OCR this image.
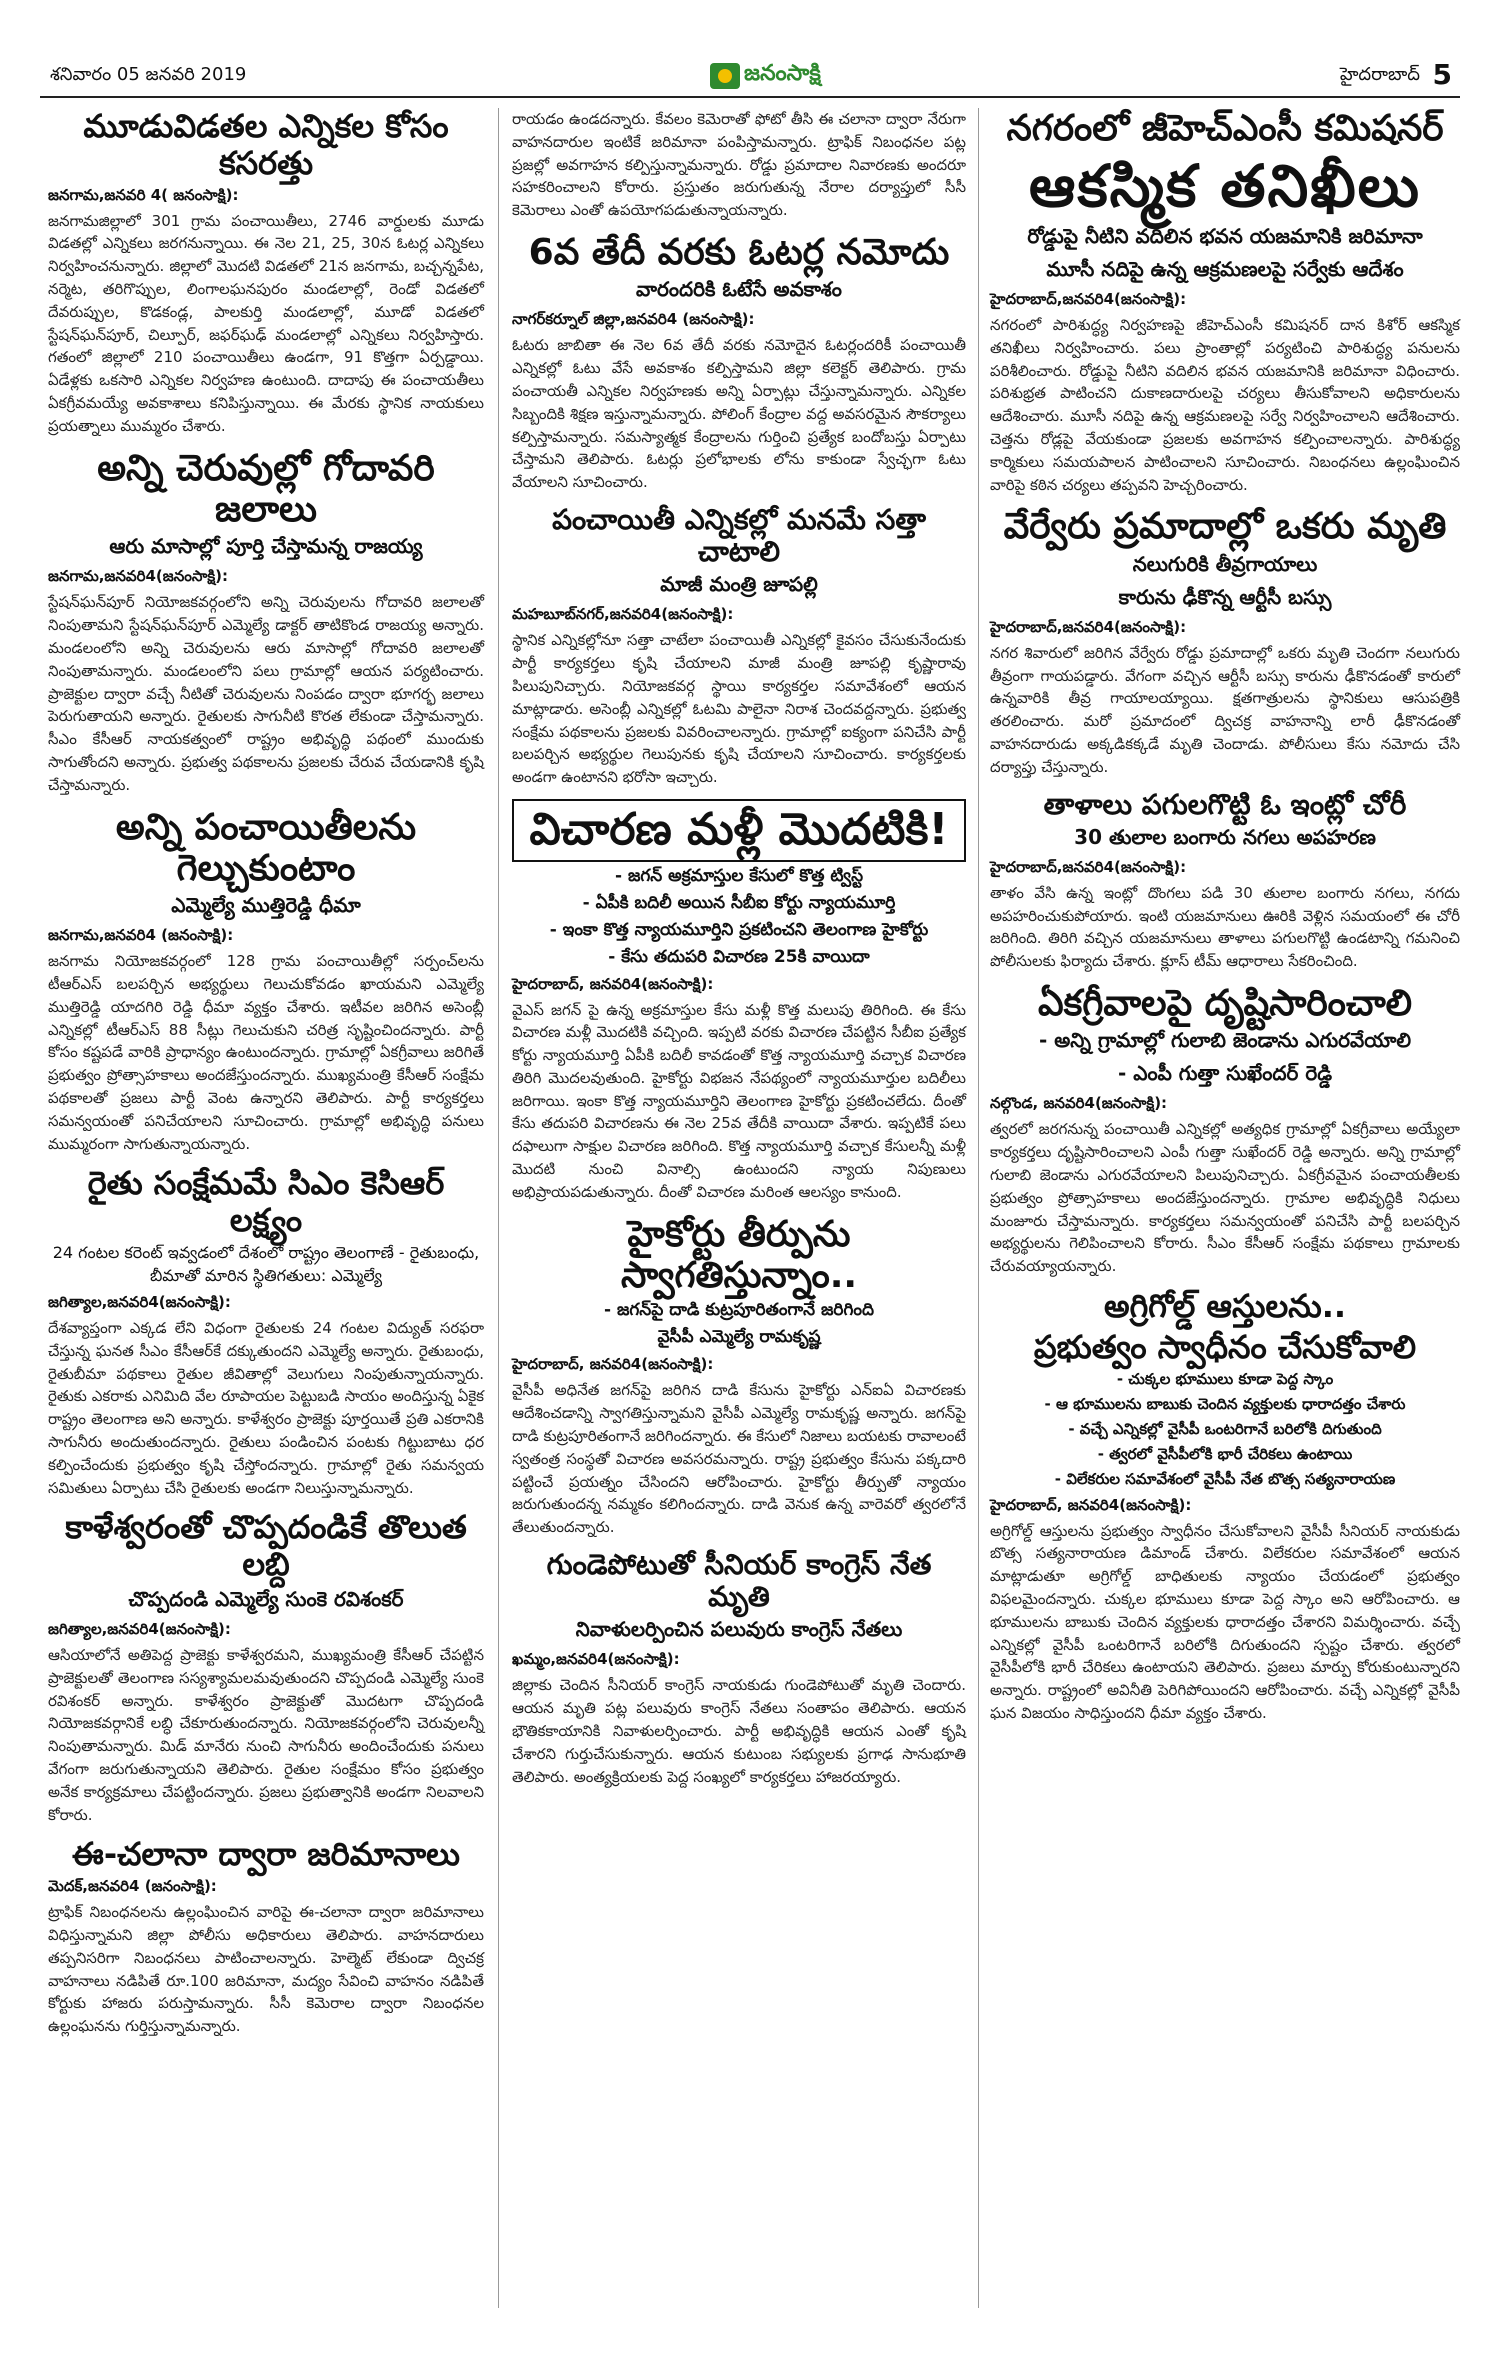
శనివారం 05 జనవరి 2019	జనంసాక్షి	హైదరాబాద్ 5
మూడువిడతల ఎన్నికల కోసం కసరత్తు
జనగామ,జనవరి 4( జనంసాక్షి):
జనగామజిల్లాలో 301 గ్రామ పంచాయితీలు, 2746 వార్డులకు మూడు విడతల్లో ఎన్నికలు జరగనున్నాయి. ఈ నెల 21, 25, 30న ఓటర్ల ఎన్నికలు నిర్వహించనున్నారు. జిల్లాలో మొదటి విడతలో 21న జనగామ, బచ్చన్నపేట, నర్మెట, తరిగొప్పుల, లింగాలఘనపురం మండలాల్లో, రెండో విడతలో దేవరుప్పుల, కొడకండ్ల, పాలకుర్తి మండలాల్లో, మూడో విడతలో స్టేషన్‌ఘన్‌పూర్, చిల్పూర్, జఫర్‌ఘఢ్ మండలాల్లో ఎన్నికలు నిర్వహిస్తారు. గతంలో జిల్లాలో 210 పంచాయితీలు ఉండగా, 91 కొత్తగా ఏర్పడ్డాయి. ఏడేళ్లకు ఒకసారి ఎన్నికల నిర్వహణ ఉంటుంది. దాదాపు ఈ పంచాయతీలు ఏకగ్రీవమయ్యే అవకాశాలు కనిపిస్తున్నాయి. ఈ మేరకు స్థానిక నాయకులు ప్రయత్నాలు ముమ్మరం చేశారు.
అన్ని చెరువుల్లో గోదావరి జలాలు
ఆరు మాసాల్లో పూర్తి చేస్తామన్న రాజయ్య
జనగామ,జనవరి4(జనంసాక్షి):
స్టేషన్‌ఘన్‌పూర్ నియోజకవర్గంలోని అన్ని చెరువులను గోదావరి జలాలతో నింపుతామని స్టేషన్‌ఘన్‌పూర్ ఎమ్మెల్యే డాక్టర్ తాటికొండ రాజయ్య అన్నారు. మండలంలోని అన్ని చెరువులను ఆరు మాసాల్లో గోదావరి జలాలతో నింపుతామన్నారు. మండలంలోని పలు గ్రామాల్లో ఆయన పర్యటించారు. ప్రాజెక్టుల ద్వారా వచ్చే నీటితో చెరువులను నింపడం ద్వారా భూగర్భ జలాలు పెరుగుతాయని అన్నారు. రైతులకు సాగునీటి కొరత లేకుండా చేస్తామన్నారు. సీఎం కేసీఆర్ నాయకత్వంలో రాష్ట్రం అభివృద్ధి పథంలో ముందుకు సాగుతోందని అన్నారు. ప్రభుత్వ పథకాలను ప్రజలకు చేరువ చేయడానికి కృషి చేస్తామన్నారు.
అన్ని పంచాయితీలను గెల్చుకుంటాం
ఎమ్మెల్యే ముత్తిరెడ్డి ధీమా
జనగామ,జనవరి4 (జనంసాక్షి):
జనగామ నియోజకవర్గంలో 128 గ్రామ పంచాయితీల్లో సర్పంచ్‌లను టీఆర్ఎస్ బలపర్చిన అభ్యర్థులు గెలుచుకోవడం ఖాయమని ఎమ్మెల్యే ముత్తిరెడ్డి యాదగిరి రెడ్డి ధీమా వ్యక్తం చేశారు. ఇటీవల జరిగిన అసెంబ్లీ ఎన్నికల్లో టీఆర్ఎస్ 88 సీట్లు గెలుచుకుని చరిత్ర సృష్టించిందన్నారు. పార్టీ కోసం కష్టపడే వారికి ప్రాధాన్యం ఉంటుందన్నారు. గ్రామాల్లో ఏకగ్రీవాలు జరిగితే ప్రభుత్వం ప్రోత్సాహకాలు అందజేస్తుందన్నారు. ముఖ్యమంత్రి కేసీఆర్ సంక్షేమ పథకాలతో ప్రజలు పార్టీ వెంట ఉన్నారని తెలిపారు. పార్టీ కార్యకర్తలు సమన్వయంతో పనిచేయాలని సూచించారు. గ్రామాల్లో అభివృద్ధి పనులు ముమ్మరంగా సాగుతున్నాయన్నారు.
రైతు సంక్షేమమే సిఎం కెసిఆర్ లక్ష్యం
24 గంటల కరెంట్ ఇవ్వడంలో దేశంలో రాష్ట్రం తెలంగాణే - రైతుబంధు, బీమాతో మారిన స్థితిగతులు: ఎమ్మెల్యే
జగిత్యాల,జనవరి4(జనంసాక్షి):
దేశవ్యాప్తంగా ఎక్కడ లేని విధంగా రైతులకు 24 గంటల విద్యుత్ సరఫరా చేస్తున్న ఘనత సీఎం కేసీఆర్‌కే దక్కుతుందని ఎమ్మెల్యే అన్నారు. రైతుబంధు, రైతుబీమా పథకాలు రైతుల జీవితాల్లో వెలుగులు నింపుతున్నాయన్నారు. రైతుకు ఎకరాకు ఎనిమిది వేల రూపాయల పెట్టుబడి సాయం అందిస్తున్న ఏకైక రాష్ట్రం తెలంగాణ అని అన్నారు. కాళేశ్వరం ప్రాజెక్టు పూర్తయితే ప్రతి ఎకరానికి సాగునీరు అందుతుందన్నారు. రైతులు పండించిన పంటకు గిట్టుబాటు ధర కల్పించేందుకు ప్రభుత్వం కృషి చేస్తోందన్నారు. గ్రామాల్లో రైతు సమన్వయ సమితులు ఏర్పాటు చేసి రైతులకు అండగా నిలుస్తున్నామన్నారు.
కాళేశ్వరంతో చొప్పదండికే తొలుత లబ్ది
చొప్పదండి ఎమ్మెల్యే సుంకె రవిశంకర్
జగిత్యాల,జనవరి4(జనంసాక్షి):
ఆసియాలోనే అతిపెద్ద ప్రాజెక్టు కాళేశ్వరమని, ముఖ్యమంత్రి కేసీఆర్ చేపట్టిన ప్రాజెక్టులతో తెలంగాణ సస్యశ్యామలమవుతుందని చొప్పదండి ఎమ్మెల్యే సుంకె రవిశంకర్ అన్నారు. కాళేశ్వరం ప్రాజెక్టుతో మొదటగా చొప్పదండి నియోజకవర్గానికే లబ్ధి చేకూరుతుందన్నారు. నియోజకవర్గంలోని చెరువులన్నీ నింపుతామన్నారు. మిడ్ మానేరు నుంచి సాగునీరు అందించేందుకు పనులు వేగంగా జరుగుతున్నాయని తెలిపారు. రైతుల సంక్షేమం కోసం ప్రభుత్వం అనేక కార్యక్రమాలు చేపట్టిందన్నారు. ప్రజలు ప్రభుత్వానికి అండగా నిలవాలని కోరారు.
ఈ-చలానా ద్వారా జరిమానాలు
మెదక్,జనవరి4 (జనంసాక్షి):
ట్రాఫిక్ నిబంధనలను ఉల్లంఘించిన వారిపై ఈ-చలానా ద్వారా జరిమానాలు విధిస్తున్నామని జిల్లా పోలీసు అధికారులు తెలిపారు. వాహనదారులు తప్పనిసరిగా నిబంధనలు పాటించాలన్నారు. హెల్మెట్ లేకుండా ద్విచక్ర వాహనాలు నడిపితే రూ.100 జరిమానా, మద్యం సేవించి వాహనం నడిపితే కోర్టుకు హాజరు పరుస్తామన్నారు. సీసీ కెమెరాల ద్వారా నిబంధనల ఉల్లంఘనను గుర్తిస్తున్నామన్నారు.
రాయడం ఉండదన్నారు. కేవలం కెమెరాతో ఫోటో తీసి ఈ చలానా ద్వారా నేరుగా వాహనదారుల ఇంటికే జరిమానా పంపిస్తామన్నారు. ట్రాఫిక్ నిబంధనల పట్ల ప్రజల్లో అవగాహన కల్పిస్తున్నామన్నారు. రోడ్డు ప్రమాదాల నివారణకు అందరూ సహకరించాలని కోరారు. ప్రస్తుతం జరుగుతున్న నేరాల దర్యాప్తులో సీసీ కెమెరాలు ఎంతో ఉపయోగపడుతున్నాయన్నారు.
6వ తేదీ వరకు ఓటర్ల నమోదు
వారందరికి ఓటేసే అవకాశం
నాగర్‌కర్నూల్ జిల్లా,జనవరి4 (జనంసాక్షి):
ఓటరు జాబితా ఈ నెల 6వ తేదీ వరకు నమోదైన ఓటర్లందరికీ పంచాయితీ ఎన్నికల్లో ఓటు వేసే అవకాశం కల్పిస్తామని జిల్లా కలెక్టర్ తెలిపారు. గ్రామ పంచాయతీ ఎన్నికల నిర్వహణకు అన్ని ఏర్పాట్లు చేస్తున్నామన్నారు. ఎన్నికల సిబ్బందికి శిక్షణ ఇస్తున్నామన్నారు. పోలింగ్ కేంద్రాల వద్ద అవసరమైన సౌకర్యాలు కల్పిస్తామన్నారు. సమస్యాత్మక కేంద్రాలను గుర్తించి ప్రత్యేక బందోబస్తు ఏర్పాటు చేస్తామని తెలిపారు. ఓటర్లు ప్రలోభాలకు లోను కాకుండా స్వేచ్ఛగా ఓటు వేయాలని సూచించారు.
పంచాయితీ ఎన్నికల్లో మనమే సత్తా చాటాలి
మాజీ మంత్రి జూపల్లి
మహబూబ్‌నగర్,జనవరి4(జనంసాక్షి):
స్థానిక ఎన్నికల్లోనూ సత్తా చాటేలా పంచాయితీ ఎన్నికల్లో కైవసం చేసుకునేందుకు పార్టీ కార్యకర్తలు కృషి చేయాలని మాజీ మంత్రి జూపల్లి కృష్ణారావు పిలుపునిచ్చారు. నియోజకవర్గ స్థాయి కార్యకర్తల సమావేశంలో ఆయన మాట్లాడారు. అసెంబ్లీ ఎన్నికల్లో ఓటమి పాలైనా నిరాశ చెందవద్దన్నారు. ప్రభుత్వ సంక్షేమ పథకాలను ప్రజలకు వివరించాలన్నారు. గ్రామాల్లో ఐక్యంగా పనిచేసి పార్టీ బలపర్చిన అభ్యర్థుల గెలుపునకు కృషి చేయాలని సూచించారు. కార్యకర్తలకు అండగా ఉంటానని భరోసా ఇచ్చారు.
విచారణ మళ్లీ మొదటికి!
- జగన్ అక్రమాస్తుల కేసులో కొత్త ట్విస్ట్
- ఏపీకి బదిలీ అయిన సీబీఐ కోర్టు న్యాయమూర్తి
- ఇంకా కొత్త న్యాయమూర్తిని ప్రకటించని తెలంగాణ హైకోర్టు
- కేసు తదుపరి విచారణ 25కి వాయిదా
హైదరాబాద్, జనవరి4(జనంసాక్షి):
వైఎస్ జగన్ పై ఉన్న అక్రమాస్తుల కేసు మళ్లీ కొత్త మలుపు తిరిగింది. ఈ కేసు విచారణ మళ్లీ మొదటికి వచ్చింది. ఇప్పటి వరకు విచారణ చేపట్టిన సీబీఐ ప్రత్యేక కోర్టు న్యాయమూర్తి ఏపీకి బదిలీ కావడంతో కొత్త న్యాయమూర్తి వచ్చాక విచారణ తిరిగి మొదలవుతుంది. హైకోర్టు విభజన నేపథ్యంలో న్యాయమూర్తుల బదిలీలు జరిగాయి. ఇంకా కొత్త న్యాయమూర్తిని తెలంగాణ హైకోర్టు ప్రకటించలేదు. దీంతో కేసు తదుపరి విచారణను ఈ నెల 25వ తేదీకి వాయిదా వేశారు. ఇప్పటికే పలు దఫాలుగా సాక్షుల విచారణ జరిగింది. కొత్త న్యాయమూర్తి వచ్చాక కేసులన్నీ మళ్లీ మొదటి నుంచి వినాల్సి ఉంటుందని న్యాయ నిపుణులు అభిప్రాయపడుతున్నారు. దీంతో విచారణ మరింత ఆలస్యం కానుంది.
హైకోర్టు తీర్పును స్వాగతిస్తున్నాం..
- జగన్‌పై దాడి కుట్రపూరితంగానే జరిగింది
వైసీపీ ఎమ్మెల్యే రామకృష్ణ
హైదరాబాద్, జనవరి4(జనంసాక్షి):
వైసీపీ అధినేత జగన్‌పై జరిగిన దాడి కేసును హైకోర్టు ఎన్ఐఏ విచారణకు ఆదేశించడాన్ని స్వాగతిస్తున్నామని వైసీపీ ఎమ్మెల్యే రామకృష్ణ అన్నారు. జగన్‌పై దాడి కుట్రపూరితంగానే జరిగిందన్నారు. ఈ కేసులో నిజాలు బయటకు రావాలంటే స్వతంత్ర సంస్థతో విచారణ అవసరమన్నారు. రాష్ట్ర ప్రభుత్వం కేసును పక్కదారి పట్టించే ప్రయత్నం చేసిందని ఆరోపించారు. హైకోర్టు తీర్పుతో న్యాయం జరుగుతుందన్న నమ్మకం కలిగిందన్నారు. దాడి వెనుక ఉన్న వారెవరో త్వరలోనే తేలుతుందన్నారు.
గుండెపోటుతో సీనియర్ కాంగ్రెస్ నేత మృతి
నివాళులర్పించిన పలువురు కాంగ్రెస్ నేతలు
ఖమ్మం,జనవరి4(జనంసాక్షి):
జిల్లాకు చెందిన సీనియర్ కాంగ్రెస్ నాయకుడు గుండెపోటుతో మృతి చెందారు. ఆయన మృతి పట్ల పలువురు కాంగ్రెస్ నేతలు సంతాపం తెలిపారు. ఆయన భౌతికకాయానికి నివాళులర్పించారు. పార్టీ అభివృద్ధికి ఆయన ఎంతో కృషి చేశారని గుర్తుచేసుకున్నారు. ఆయన కుటుంబ సభ్యులకు ప్రగాఢ సానుభూతి తెలిపారు. అంత్యక్రియలకు పెద్ద సంఖ్యలో కార్యకర్తలు హాజరయ్యారు.
నగరంలో జీహెచ్ఎంసీ కమిషనర్
ఆకస్మిక తనిఖీలు
రోడ్డుపై నీటిని వదిలిన భవన యజమానికి జరిమానా
మూసీ నదిపై ఉన్న ఆక్రమణలపై సర్వేకు ఆదేశం
హైదరాబాద్,జనవరి4(జనంసాక్షి):
నగరంలో పారిశుద్ధ్య నిర్వహణపై జీహెచ్ఎంసీ కమిషనర్ దాన కిశోర్ ఆకస్మిక తనిఖీలు నిర్వహించారు. పలు ప్రాంతాల్లో పర్యటించి పారిశుద్ధ్య పనులను పరిశీలించారు. రోడ్డుపై నీటిని వదిలిన భవన యజమానికి జరిమానా విధించారు. పరిశుభ్రత పాటించని దుకాణదారులపై చర్యలు తీసుకోవాలని అధికారులను ఆదేశించారు. మూసీ నదిపై ఉన్న ఆక్రమణలపై సర్వే నిర్వహించాలని ఆదేశించారు. చెత్తను రోడ్లపై వేయకుండా ప్రజలకు అవగాహన కల్పించాలన్నారు. పారిశుద్ధ్య కార్మికులు సమయపాలన పాటించాలని సూచించారు. నిబంధనలు ఉల్లంఘించిన వారిపై కఠిన చర్యలు తప్పవని హెచ్చరించారు.
వేర్వేరు ప్రమాదాల్లో ఒకరు మృతి
నలుగురికి తీవ్రగాయాలు
కారును ఢీకొన్న ఆర్టీసీ బస్సు
హైదరాబాద్,జనవరి4(జనంసాక్షి):
నగర శివారులో జరిగిన వేర్వేరు రోడ్డు ప్రమాదాల్లో ఒకరు మృతి చెందగా నలుగురు తీవ్రంగా గాయపడ్డారు. వేగంగా వచ్చిన ఆర్టీసీ బస్సు కారును ఢీకొనడంతో కారులో ఉన్నవారికి తీవ్ర గాయాలయ్యాయి. క్షతగాత్రులను స్థానికులు ఆసుపత్రికి తరలించారు. మరో ప్రమాదంలో ద్విచక్ర వాహనాన్ని లారీ ఢీకొనడంతో వాహనదారుడు అక్కడికక్కడే మృతి చెందాడు. పోలీసులు కేసు నమోదు చేసి దర్యాప్తు చేస్తున్నారు.
తాళాలు పగులగొట్టి ఓ ఇంట్లో చోరీ
30 తులాల బంగారు నగలు అపహరణ
హైదరాబాద్,జనవరి4(జనంసాక్షి):
తాళం వేసి ఉన్న ఇంట్లో దొంగలు పడి 30 తులాల బంగారు నగలు, నగదు అపహరించుకుపోయారు. ఇంటి యజమానులు ఊరికి వెళ్లిన సమయంలో ఈ చోరీ జరిగింది. తిరిగి వచ్చిన యజమానులు తాళాలు పగులగొట్టి ఉండటాన్ని గమనించి పోలీసులకు ఫిర్యాదు చేశారు. క్లూస్ టీమ్ ఆధారాలు సేకరించింది.
ఏకగ్రీవాలపై దృష్టిసారించాలి
- అన్ని గ్రామాల్లో గులాబి జెండాను ఎగురవేయాలి
- ఎంపీ గుత్తా సుఖేందర్ రెడ్డి
నల్గొండ, జనవరి4(జనంసాక్షి):
త్వరలో జరగనున్న పంచాయితీ ఎన్నికల్లో అత్యధిక గ్రామాల్లో ఏకగ్రీవాలు అయ్యేలా కార్యకర్తలు దృష్టిసారించాలని ఎంపీ గుత్తా సుఖేందర్ రెడ్డి అన్నారు. అన్ని గ్రామాల్లో గులాబి జెండాను ఎగురవేయాలని పిలుపునిచ్చారు. ఏకగ్రీవమైన పంచాయతీలకు ప్రభుత్వం ప్రోత్సాహకాలు అందజేస్తుందన్నారు. గ్రామాల అభివృద్ధికి నిధులు మంజూరు చేస్తామన్నారు. కార్యకర్తలు సమన్వయంతో పనిచేసి పార్టీ బలపర్చిన అభ్యర్థులను గెలిపించాలని కోరారు. సీఎం కేసీఆర్ సంక్షేమ పథకాలు గ్రామాలకు చేరువయ్యాయన్నారు.
అగ్రిగోల్డ్ ఆస్తులను..
ప్రభుత్వం స్వాధీనం చేసుకోవాలి
- చుక్కల భూములు కూడా పెద్ద స్కాం
- ఆ భూములను బాబుకు చెందిన వ్యక్తులకు ధారాదత్తం చేశారు
- వచ్చే ఎన్నికల్లో వైసీపీ ఒంటరిగానే బరిలోకి దిగుతుంది
- త్వరలో వైసీపీలోకి భారీ చేరికలు ఉంటాయి
- విలేకరుల సమావేశంలో వైసీపీ నేత బొత్స సత్యనారాయణ
హైదరాబాద్, జనవరి4(జనంసాక్షి):
అగ్రిగోల్డ్ ఆస్తులను ప్రభుత్వం స్వాధీనం చేసుకోవాలని వైసీపీ సీనియర్ నాయకుడు బొత్స సత్యనారాయణ డిమాండ్ చేశారు. విలేకరుల సమావేశంలో ఆయన మాట్లాడుతూ అగ్రిగోల్డ్ బాధితులకు న్యాయం చేయడంలో ప్రభుత్వం విఫలమైందన్నారు. చుక్కల భూములు కూడా పెద్ద స్కాం అని ఆరోపించారు. ఆ భూములను బాబుకు చెందిన వ్యక్తులకు ధారాదత్తం చేశారని విమర్శించారు. వచ్చే ఎన్నికల్లో వైసీపీ ఒంటరిగానే బరిలోకి దిగుతుందని స్పష్టం చేశారు. త్వరలో వైసీపీలోకి భారీ చేరికలు ఉంటాయని తెలిపారు. ప్రజలు మార్పు కోరుకుంటున్నారని అన్నారు. రాష్ట్రంలో అవినీతి పెరిగిపోయిందని ఆరోపించారు. వచ్చే ఎన్నికల్లో వైసీపీ ఘన విజయం సాధిస్తుందని ధీమా వ్యక్తం చేశారు.
